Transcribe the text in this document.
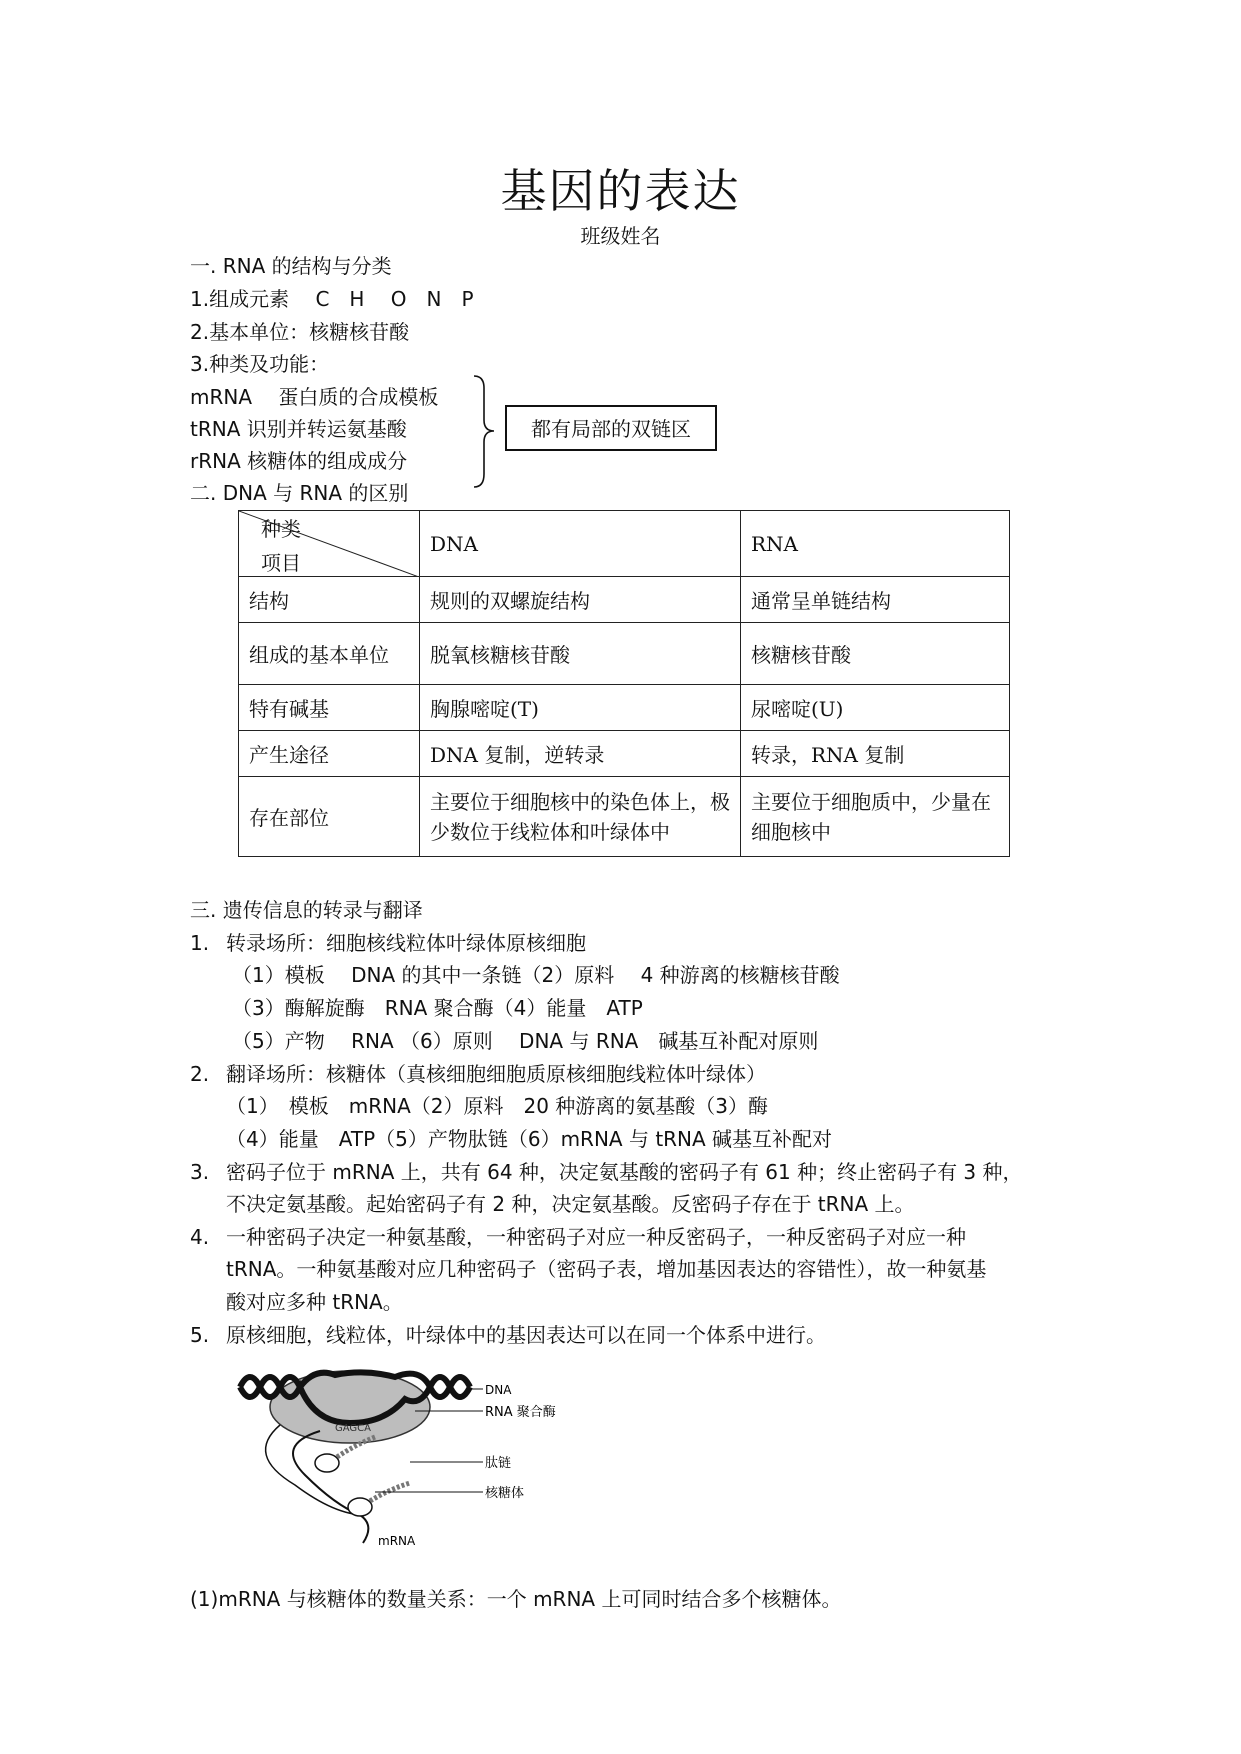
基因的表达
班级姓名
一. RNA 的结构与分类
1.组成元素　 C　H　 O　N　P
2.基本单位：核糖核苷酸
3.种类及功能：
mRNA　 蛋白质的合成模板
tRNA 识别并转运氨基酸
rRNA 核糖体的组成成分
都有局部的双链区
二. DNA 与 RNA 的区别
种类
项目	DNA	RNA
结构	规则的双螺旋结构	通常呈单链结构
组成的基本单位	脱氧核糖核苷酸	核糖核苷酸
特有碱基	胸腺嘧啶(T)	尿嘧啶(U)
产生途径	DNA 复制，逆转录	转录，RNA 复制
存在部位	主要位于细胞核中的染色体上，极少数位于线粒体和叶绿体中	主要位于细胞质中，少量在细胞核中
三. 遗传信息的转录与翻译
1. 转录场所：细胞核线粒体叶绿体原核细胞
（1）模板　 DNA 的其中一条链（2）原料　 4 种游离的核糖核苷酸
（3）酶解旋酶　RNA 聚合酶（4）能量　ATP
（5）产物　 RNA （6）原则　 DNA 与 RNA　碱基互补配对原则
2. 翻译场所：核糖体（真核细胞细胞质原核细胞线粒体叶绿体）
（1）　模板　mRNA（2）原料　20 种游离的氨基酸（3）酶
（4）能量　ATP（5）产物肽链（6）mRNA 与 tRNA 碱基互补配对
3. 密码子位于 mRNA 上，共有 64 种，决定氨基酸的密码子有 61 种；终止密码子有 3 种，
不决定氨基酸。起始密码子有 2 种，决定氨基酸。反密码子存在于 tRNA 上。
4. 一种密码子决定一种氨基酸，一种密码子对应一种反密码子，一种反密码子对应一种
tRNA。一种氨基酸对应几种密码子（密码子表，增加基因表达的容错性），故一种氨基
酸对应多种 tRNA。
5. 原核细胞，线粒体，叶绿体中的基因表达可以在同一个体系中进行。
GAGCA
DNA
RNA 聚合酶
肽链
核糖体
mRNA
(1)mRNA 与核糖体的数量关系：一个 mRNA 上可同时结合多个核糖体。
